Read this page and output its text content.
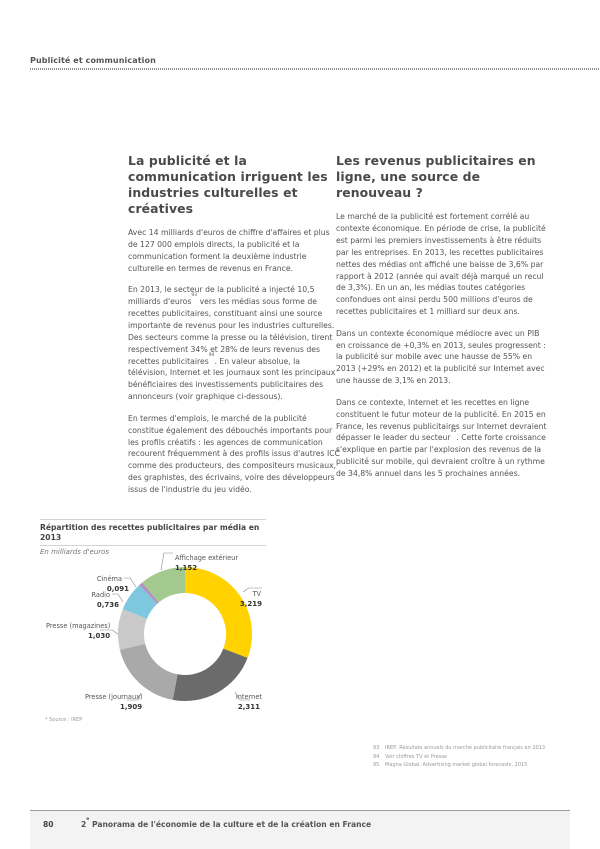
Publicité et communication
La publicité et la communication irriguent les industries culturelles et créatives

Avec 14 milliards d'euros de chiffre d'affaires et plus de 127 000 emplois directs, la publicité et la communication forment la deuxième industrie culturelle en termes de revenus en France.

En 2013, le secteur de la publicité a injecté 10,5 milliards d'euros$^{93}$ vers les médias sous forme de recettes publicitaires, constituant ainsi une source importante de revenus pour les industries culturelles. Des secteurs comme la presse ou la télévision, tirent respectivement 34% et 28% de leurs revenus des recettes publicitaires$^{94}$. En valeur absolue, la télévision, Internet et les journaux sont les principaux bénéficiaires des investissements publicitaires des annonceurs (voir graphique ci-dessous).

En termes d'emplois, le marché de la publicité constitue également des débouchés importants pour les profils créatifs : les agences de communication recourent fréquemment à des profils issus d'autres ICC comme des producteurs, des compositeurs musicaux, des graphistes, des écrivains, voire des développeurs issus de l'industrie du jeu vidéo.

Les revenus publicitaires en ligne, une source de renouveau ?

Le marché de la publicité est fortement corrélé au contexte économique. En période de crise, la publicité est parmi les premiers investissements à être réduits par les entreprises. En 2013, les recettes publicitaires nettes des médias ont affiché une baisse de 3,6% par rapport à 2012 (année qui avait déjà marqué un recul de 3,3%). En un an, les médias toutes catégories confondues ont ainsi perdu 500 millions d'euros de recettes publicitaires et 1 milliard sur deux ans.

Dans un contexte économique médiocre avec un PIB en croissance de +0,3% en 2013, seules progressent : la publicité sur mobile avec une hausse de 55% en 2013 (+29% en 2012) et la publicité sur Internet avec une hausse de 3,1% en 2013.

Dans ce contexte, Internet et les recettes en ligne constituent le futur moteur de la publicité. En 2015 en France, les revenus publicitaires sur Internet devraient dépasser le leader du secteur$^{95}$. Cette forte croissance s'explique en partie par l'explosion des revenus de la publicité sur mobile, qui devraient croître à un rythme de 34,8% annuel dans les 5 prochaines années.

Répartition des recettes publicitaires par média en 2013
En milliards d'euros
TV
3,219
Internet
2,311
Presse (journaux)
1,909
Presse (magazines)
1,030
Radio
0,736
Cinéma
0,091
Affichage extérieur
1,152
* Source : IREP
93	IREP, Résultats annuels du marché publicitaire français en 2013
94	Voir chiffres TV et Presse
95	Magna Global, Advertising market global forecasts, 2015
80	2e Panorama de l'économie de la culture et de la création en France
